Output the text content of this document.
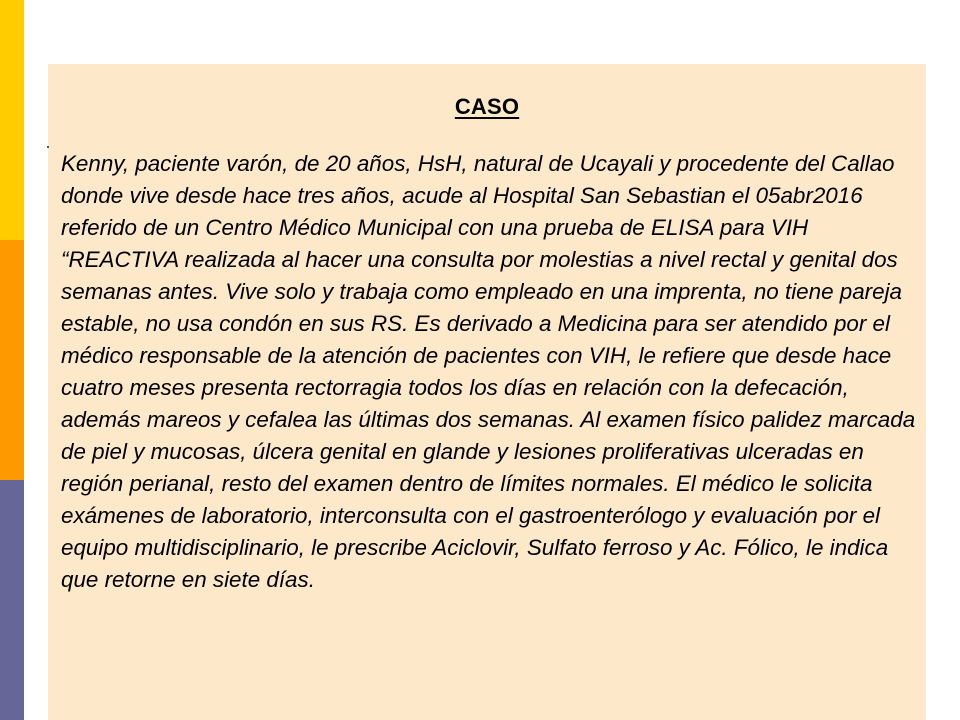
CASO

Kenny, paciente varón, de 20 años, HsH, natural de Ucayali y procedente del Callao donde vive desde hace tres años, acude al Hospital San Sebastian el 05abr2016 referido de un Centro Médico Municipal con una prueba de ELISA para VIH “REACTIVA realizada al hacer una consulta por molestias a nivel rectal y genital dos semanas antes. Vive solo y trabaja como empleado en una imprenta, no tiene pareja estable, no usa condón en sus RS. Es derivado a Medicina para ser atendido por el médico responsable de la atención de pacientes con VIH, le refiere que desde hace cuatro meses presenta rectorragia todos los días en relación con la defecación, además mareos y cefalea las últimas dos semanas. Al examen físico palidez marcada de piel y mucosas, úlcera genital en glande y lesiones proliferativas ulceradas en región perianal, resto del examen dentro de límites normales. El médico le solicita exámenes de laboratorio, interconsulta con el gastroenterólogo y evaluación por el equipo multidisciplinario, le prescribe Aciclovir, Sulfato ferroso y Ac. Fólico, le indica que retorne en siete días.
